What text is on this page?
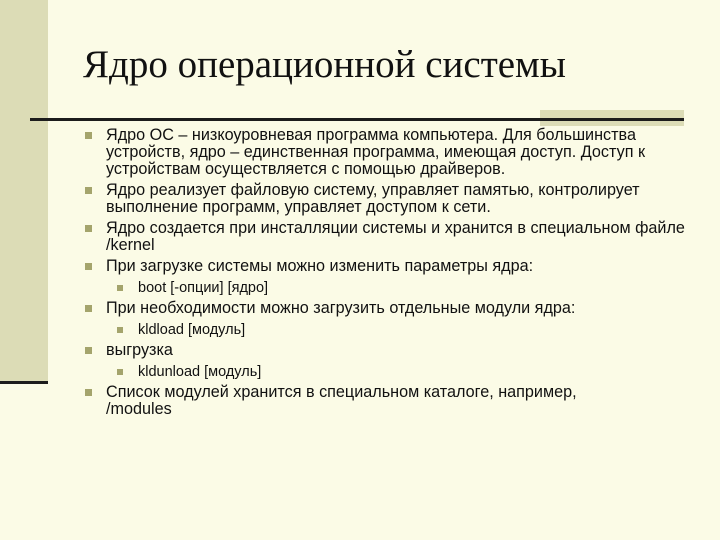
Ядро операционной системы
Ядро ОС – низкоуровневая программа компьютера. Для большинства устройств, ядро – единственная программа, имеющая доступ. Доступ к устройствам осуществляется с помощью драйверов.
Ядро реализует файловую систему, управляет памятью, контролирует выполнение программ, управляет доступом к сети.
Ядро создается при инсталляции системы и хранится в специальном файле /kernel
При загрузке системы можно изменить параметры ядра:
boot [-опции] [ядро]
При необходимости можно загрузить отдельные модули ядра:
kldload [модуль]
выгрузка
kldunload [модуль]
Список модулей хранится в специальном каталоге, например,
/modules
